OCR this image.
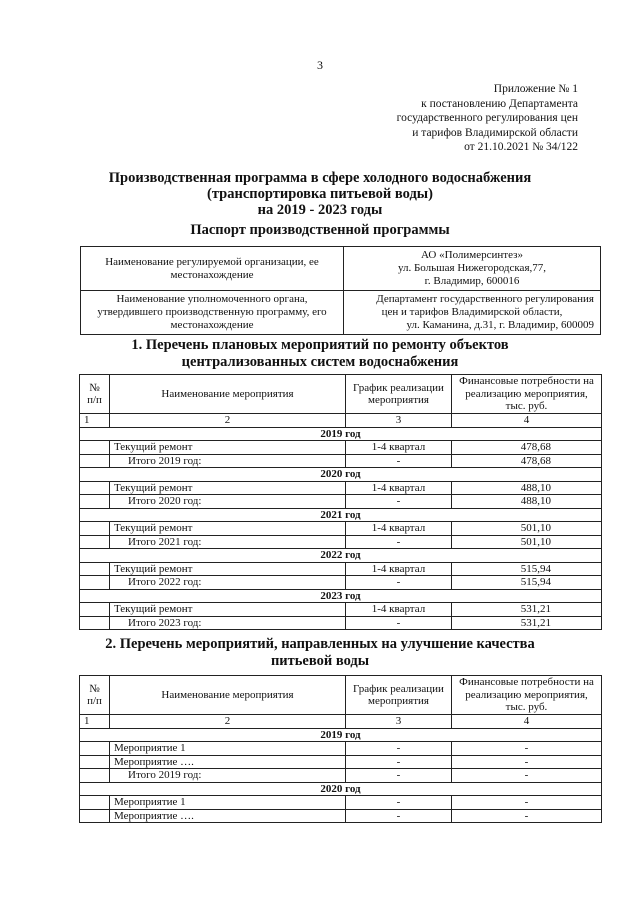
3
Приложение № 1
к постановлению Департамента
государственного регулирования цен
и тарифов Владимирской области
от 21.10.2021 № 34/122
Производственная программа в сфере холодного водоснабжения
(транспортировка питьевой воды)
на 2019 - 2023 годы
Паспорт производственной программы
Наименование регулируемой организации, ее местонахождение	АО «Полимерсинтез»
ул. Большая Нижегородская,77,
г. Владимир, 600016

Наименование уполномоченного органа, утвердившего производственную программу, его местонахождение	Департамент государственного регулирования
цен и тарифов Владимирской области,
ул. Каманина, д.31, г. Владимир, 600009
1. Перечень плановых мероприятий по ремонту объектов
централизованных систем водоснабжения
№ п/п	Наименование мероприятия	График реализации мероприятия	Финансовые потребности на реализацию мероприятия, тыс. руб.
1	2	3	4
2019 год			
	Текущий ремонт	1-4 квартал	478,68
	Итого 2019 год:	-	478,68
2020 год			
	Текущий ремонт	1-4 квартал	488,10
	Итого 2020 год:	-	488,10
2021 год			
	Текущий ремонт	1-4 квартал	501,10
	Итого 2021 год:	-	501,10
2022 год			
	Текущий ремонт	1-4 квартал	515,94
	Итого 2022 год:	-	515,94
2023 год			
	Текущий ремонт	1-4 квартал	531,21
	Итого 2023 год:	-	531,21
2. Перечень мероприятий, направленных на улучшение качества
питьевой воды
№ п/п	Наименование мероприятия	График реализации мероприятия	Финансовые потребности на реализацию мероприятия, тыс. руб.
1	2	3	4
2019 год			
	Мероприятие 1	-	-
	Мероприятие ….	-	-
	Итого 2019 год:	-	-
2020 год			
	Мероприятие 1	-	-
	Мероприятие ….	-	-
